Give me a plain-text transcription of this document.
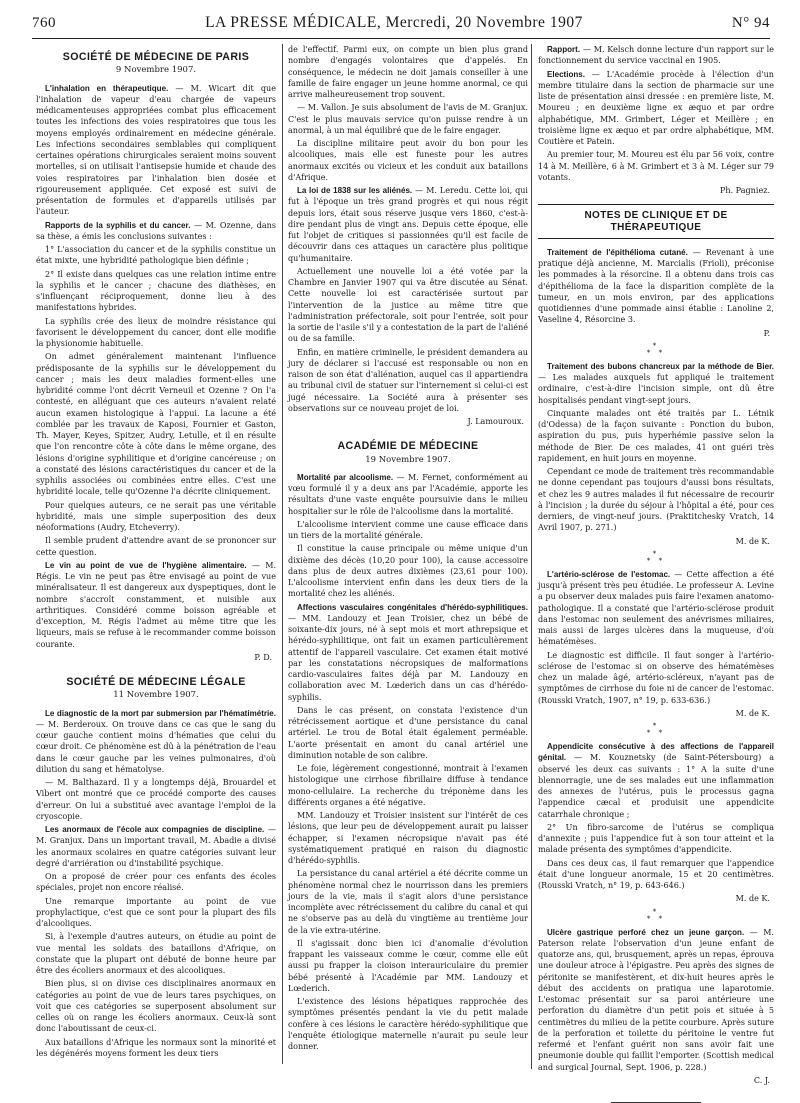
760	LA PRESSE MÉDICALE, Mercredi, 20 Novembre 1907	N° 94
SOCIÉTÉ DE MÉDECINE DE PARIS
9 Novembre 1907.

L'inhalation en thérapeutique. — M. Wicart dit que l'inhalation de vapeur d'eau chargée de vapeurs médicamenteuses appropriées combat plus efficacement toutes les infections des voies respiratoires que tous les moyens employés ordinairement en médecine générale. Les infections secondaires semblables qui compliquent certaines opérations chirurgicales seraient moins souvent mortelles, si on utilisait l'antisepsie humide et chaude des voies respiratoires par l'inhalation bien dosée et rigoureusement appliquée. Cet exposé est suivi de présentation de formules et d'appareils utilisés par l'auteur.

Rapports de la syphilis et du cancer. — M. Ozenne, dans sa thèse, a émis les conclusions suivantes :

1° L'association du cancer et de la syphilis constitue un état mixte, une hybridité pathologique bien définie ;

2° Il existe dans quelques cas une relation intime entre la syphilis et le cancer ; chacune des diathèses, en s'influençant réciproquement, donne lieu à des manifestations hybrides.

La syphilis crée des lieux de moindre résistance qui favorisent le développement du cancer, dont elle modifie la physionomie habituelle.

On admet généralement maintenant l'influence prédisposante de la syphilis sur le développement du cancer ; mais les deux maladies forment-elles une hybridité comme l'ont décrit Verneuil et Ozenne ? On l'a contesté, en alléguant que ces auteurs n'avaient relaté aucun examen histologique à l'appui. La lacune a été comblée par les travaux de Kaposi, Fournier et Gaston, Th. Mayer, Keyes, Spitzer, Audry, Letulle, et il en résulte que l'on rencontre côte à côte dans le même organe, des lésions d'origine syphilitique et d'origine cancéreuse ; on a constaté des lésions caractéristiques du cancer et de la syphilis associées ou combinées entre elles. C'est une hybridité locale, telle qu'Ozenne l'a décrite cliniquement.

Pour quelques auteurs, ce ne serait pas une véritable hybridité, mais une simple superposition des deux néoformations (Audry, Etcheverry).

Il semble prudent d'attendre avant de se prononcer sur cette question.

Le vin au point de vue de l'hygiène alimentaire. — M. Régis. Le vin ne peut pas être envisagé au point de vue minéralisateur. Il est dangereux aux dyspeptiques, dont le nombre s'accroît constamment, et nuisible aux arthritiques. Considéré comme boisson agréable et d'exception, M. Régis l'admet au même titre que les liqueurs, mais se refuse à le recommander comme boisson courante.

P. D.
SOCIÉTÉ DE MÉDECINE LÉGALE
11 Novembre 1907.

Le diagnostic de la mort par submersion par l'hématimétrie. — M. Berderoux. On trouve dans ce cas que le sang du cœur gauche contient moins d'hématies que celui du cœur droit. Ce phénomène est dû à la pénétration de l'eau dans le cœur gauche par les veines pulmonaires, d'où dilution du sang et hématolyse.

— M. Balthazard. Il y a longtemps déjà, Brouardel et Vibert ont montré que ce procédé comporte des causes d'erreur. On lui a substitué avec avantage l'emploi de la cryoscopie.

Les anormaux de l'école aux compagnies de discipline. — M. Granjux. Dans un important travail, M. Abadie a divisé les anormaux scolaires en quatre catégories suivant leur degré d'arriération ou d'instabilité psychique.

On a proposé de créer pour ces enfants des écoles spéciales, projet non encore réalisé.

Une remarque importante au point de vue prophylactique, c'est que ce sont pour la plupart des fils d'alcooliques.

Si, à l'exemple d'autres auteurs, on étudie au point de vue mental les soldats des bataillons d'Afrique, on constate que la plupart ont débuté de bonne heure par être des écoliers anormaux et des alcooliques.

Bien plus, si on divise ces disciplinaires anormaux en catégories au point de vue de leurs tares psychiques, on voit que ces catégories se superposent absolument sur celles où on range les écoliers anormaux. Ceux-là sont donc l'aboutissant de ceux-ci.

Aux bataillons d'Afrique les normaux sont la minorité et les dégénérés moyens forment les deux tiers

de l'effectif. Parmi eux, on compte un bien plus grand nombre d'engagés volontaires que d'appelés. En conséquence, le médecin ne doit jamais conseiller à une famille de faire engager un jeune homme anormal, ce qui arrive malheureusement trop souvent.

— M. Vallon. Je suis absolument de l'avis de M. Granjux. C'est le plus mauvais service qu'on puisse rendre à un anormal, à un mal équilibré que de le faire engager.

La discipline militaire peut avoir du bon pour les alcooliques, mais elle est funeste pour les autres anormaux excités ou vicieux et les conduit aux bataillons d'Afrique.

La loi de 1838 sur les aliénés. — M. Leredu. Cette loi, qui fut à l'époque un très grand progrès et qui nous régit depuis lors, était sous réserve jusque vers 1860, c'est-à-dire pendant plus de vingt ans. Depuis cette époque, elle fut l'objet de critiques si passionnées qu'il est facile de découvrir dans ces attaques un caractère plus politique qu'humanitaire.

Actuellement une nouvelle loi a été votée par la Chambre en Janvier 1907 qui va être discutée au Sénat. Cette nouvelle loi est caractérisée surtout par l'intervention de la justice au même titre que l'administration préfectorale, soit pour l'entrée, soit pour la sortie de l'asile s'il y a contestation de la part de l'aliéné ou de sa famille.

Enfin, en matière criminelle, le président demandera au jury de déclarer si l'accusé est responsable ou non en raison de son état d'aliénation, auquel cas il appartiendra au tribunal civil de statuer sur l'internement si celui-ci est jugé nécessaire. La Société aura à présenter ses observations sur ce nouveau projet de loi.

J. Lamouroux.
ACADÉMIE DE MÉDECINE
19 Novembre 1907.

Mortalité par alcoolisme. — M. Fernet, conformément au vœu formulé il y a deux ans par l'Académie, apporte les résultats d'une vaste enquête poursuivie dans le milieu hospitalier sur le rôle de l'alcoolisme dans la mortalité.

L'alcoolisme intervient comme une cause efficace dans un tiers de la mortalité générale.

Il constitue la cause principale ou même unique d'un dixième des décès (10,20 pour 100), la cause accessoire dans plus de deux autres dixièmes (23,61 pour 100). L'alcoolisme intervient enfin dans les deux tiers de la mortalité chez les aliénés.

Affections vasculaires congénitales d'hérédo-syphilitiques. — MM. Landouzy et Jean Troisier, chez un bébé de soixante-dix jours, né à sept mois et mort athrepsique et hérédo-syphilitique, ont fait un examen particulièrement attentif de l'appareil vasculaire. Cet examen était motivé par les constatations nécropsiques de malformations cardio-vasculaires faites déjà par M. Landouzy en collaboration avec M. Lœderich dans un cas d'hérédo-syphilis.

Dans le cas présent, on constata l'existence d'un rétrécissement aortique et d'une persistance du canal artériel. Le trou de Botal était également perméable. L'aorte présentait en amont du canal artériel une diminution notable de son calibre.

Le foie, légèrement congestionné, montrait à l'examen histologique une cirrhose fibrillaire diffuse à tendance mono-cellulaire. La recherche du tréponème dans les différents organes a été négative.

MM. Landouzy et Troisier insistent sur l'intérêt de ces lésions, que leur peu de développement aurait pu laisser échapper, si l'examen nécropsique n'avait pas été systématiquement pratiqué en raison du diagnostic d'hérédo-syphilis.

La persistance du canal artériel a été décrite comme un phénomène normal chez le nourrisson dans les premiers jours de la vie, mais il s'agit alors d'une persistance incomplète avec rétrécissement du calibre du canal et qui ne s'observe pas au delà du vingtième au trentième jour de la vie extra-utérine.

Il s'agissait donc bien ici d'anomalie d'évolution frappant les vaisseaux comme le cœur, comme elle eût aussi pu frapper la cloison interauriculaire du premier bébé présenté à l'Académie par MM. Landouzy et Lœderich.

L'existence des lésions hépatiques rapprochée des symptômes présentés pendant la vie du petit malade confère à ces lésions le caractère hérédo-syphilitique que l'enquête étiologique maternelle n'aurait pu seule leur donner.

Rapport. — M. Kelsch donne lecture d'un rapport sur le fonctionnement du service vaccinal en 1905.

Elections. — L'Académie procède à l'élection d'un membre titulaire dans la section de pharmacie sur une liste de présentation ainsi dressée : en première liste, M. Moureu ; en deuxième ligne ex æquo et par ordre alphabétique, MM. Grimbert, Léger et Meillère ; en troisième ligne ex æquo et par ordre alphabétique, MM. Coutière et Patein.

Au premier tour, M. Moureu est élu par 56 voix, contre 14 à M. Meillère, 6 à M. Grimbert et 3 à M. Léger sur 79 votants.

Ph. Pagniez.
NOTES DE CLINIQUE ET DE THÉRAPEUTIQUE

Traitement de l'épithélioma cutané. — Revenant à une pratique déjà ancienne, M. Marcialis (Frioli), préconise les pommades à la résorcine. Il a obtenu dans trois cas d'épithélioma de la face la disparition complète de la tumeur, en un mois environ, par des applications quotidiennes d'une pommade ainsi établie : Lanoline 2, Vaseline 4, Résorcine 3.

P.
*
* *

Traitement des bubons chancreux par la méthode de Bier. — Les malades auxquels fut appliqué le traitement ordinaire, c'est-à-dire l'incision simple, ont dû être hospitalisés pendant vingt-sept jours.

Cinquante malades ont été traités par L. Létnik (d'Odessa) de la façon suivante : Ponction du bubon, aspiration du pus, puis hyperhémie passive selon la méthode de Bier. De ces malades, 41 ont guéri très rapidement, en huit jours en moyenne.

Cependant ce mode de traitement très recommandable ne donne cependant pas toujours d'aussi bons résultats, et chez les 9 autres malades il fut nécessaire de recourir à l'incision ; la durée du séjour à l'hôpital a été, pour ces derniers, de vingt-neuf jours. (Praktitchesky Vratch, 14 Avril 1907, p. 271.)

M. de K.
*
* *

L'artério-sclérose de l'estomac. — Cette affection a été jusqu'à présent très peu étudiée. Le professeur A. Levine a pu observer deux malades puis faire l'examen anatomo-pathologique. Il a constaté que l'artério-sclérose produit dans l'estomac non seulement des anévrismes miliaires, mais aussi de larges ulcères dans la muqueuse, d'où hématémèses.

Le diagnostic est difficile. Il faut songer à l'artério-sclérose de l'estomac si on observe des hématémèses chez un malade âgé, artério-scléreux, n'ayant pas de symptômes de cirrhose du foie ni de cancer de l'estomac. (Rousski Vratch, 1907, n° 19, p. 633-636.)

M. de K.
*
* *

Appendicite consécutive à des affections de l'appareil génital. — M. Kouznetsky (de Saint-Pétersbourg) a observé les deux cas suivants : 1° A la suite d'une blennorragie, une de ses malades eut une inflammation des annexes de l'utérus, puis le processus gagna l'appendice cæcal et produisit une appendicite catarrhale chronique ;

2° Un fibro-sarcome de l'utérus se compliqua d'annexite ; puis l'appendice fut à son tour atteint et la malade présenta des symptômes d'appendicite.

Dans ces deux cas, il faut remarquer que l'appendice était d'une longueur anormale, 15 et 20 centimètres. (Rousski Vratch, n° 19, p. 643-646.)

M. de K.
*
* *

Ulcère gastrique perforé chez un jeune garçon. — M. Paterson relate l'observation d'un jeune enfant de quatorze ans, qui, brusquement, après un repas, éprouva une douleur atroce à l'épigastre. Peu après des signes de péritonite se manifestèrent, et dix-huit heures après le début des accidents on pratiqua une laparotomie. L'estomac présentait sur sa paroi antérieure une perforation du diamètre d'un petit pois et située à 5 centimètres du milieu de la petite courbure. Après suture de la perforation et toilette du péritoine le ventre fut refermé et l'enfant guérit non sans avoir fait une pneumonie double qui faillit l'emporter. (Scottish medical and surgical Journal, Sept. 1906, p. 228.)

C. J.
